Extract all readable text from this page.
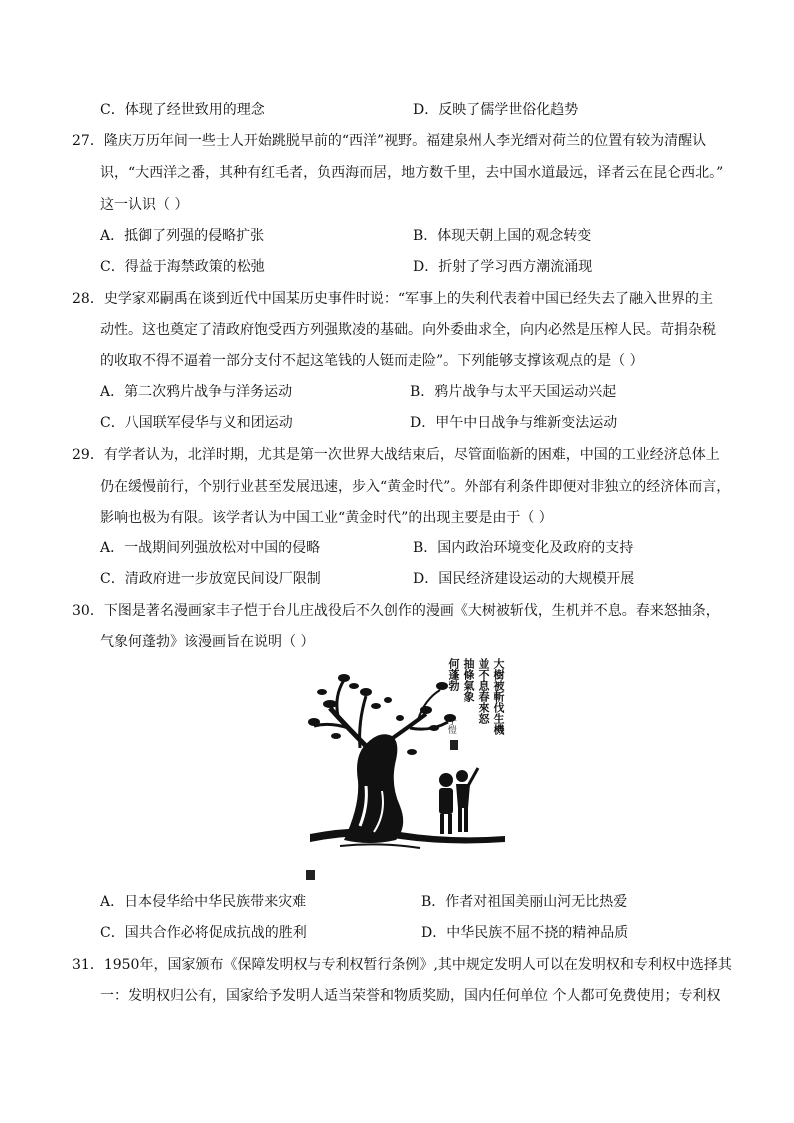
C．体现了经世致用的理念	D．反映了儒学世俗化趋势
27．隆庆万历年间一些士人开始跳脱早前的“西洋”视野。福建泉州人李光缙对荷兰的位置有较为清醒认
识，“大西洋之番，其种有红毛者，负西海而居，地方数千里，去中国水道最远，译者云在昆仑西北。”
这一认识（ ）
A．抵御了列强的侵略扩张	B．体现天朝上国的观念转变
C．得益于海禁政策的松弛	D．折射了学习西方潮流涌现
28．史学家邓嗣禹在谈到近代中国某历史事件时说：“军事上的失利代表着中国已经失去了融入世界的主
动性。这也奠定了清政府饱受西方列强欺凌的基础。向外委曲求全，向内必然是压榨人民。苛捐杂税
的收取不得不逼着一部分支付不起这笔钱的人铤而走险”。下列能够支撑该观点的是（ ）
A．第二次鸦片战争与洋务运动	B．鸦片战争与太平天国运动兴起
C．八国联军侵华与义和团运动	D．甲午中日战争与维新变法运动
29．有学者认为，北洋时期，尤其是第一次世界大战结束后，尽管面临新的困难，中国的工业经济总体上
仍在缓慢前行，个别行业甚至发展迅速，步入“黄金时代”。外部有利条件即便对非独立的经济体而言，
影响也极为有限。该学者认为中国工业“黄金时代”的出现主要是由于（ ）
A．一战期间列强放松对中国的侵略	B．国内政治环境变化及政府的支持
C．清政府进一步放宽民间设厂限制	D．国民经济建设运动的大规模开展
30．下图是著名漫画家丰子恺于台儿庄战役后不久创作的漫画《大树被斩伐，生机并不息。春来怒抽条，
气象何蓬勃》该漫画旨在说明（ ）
大樹被斬伐生機
並不息春來怒
抽條氣象
何蓬勃
子愷
A．日本侵华给中华民族带来灾难	B．作者对祖国美丽山河无比热爱
C．国共合作必将促成抗战的胜利	D．中华民族不屈不挠的精神品质
31．1950年，国家颁布《保障发明权与专利权暂行条例》,其中规定发明人可以在发明权和专利权中选择其
一：发明权归公有，国家给予发明人适当荣誉和物质奖励，国内任何单位 个人都可免费使用；专利权
